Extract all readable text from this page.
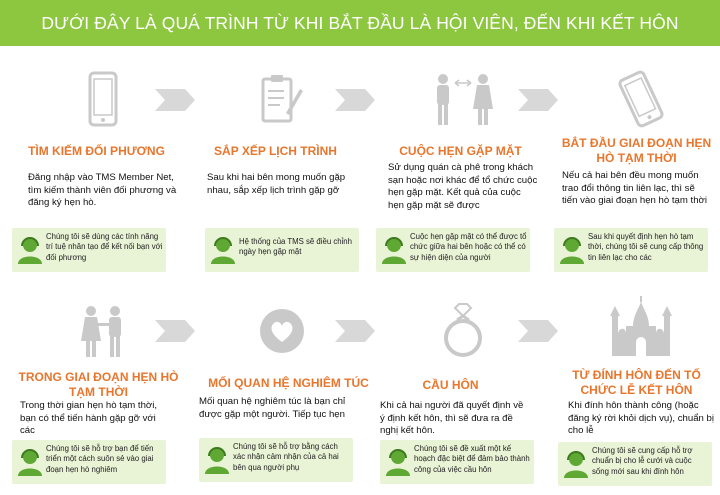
DƯỚI ĐÂY LÀ QUÁ TRÌNH TỪ KHI BẮT ĐẦU LÀ HỘI VIÊN, ĐẾN KHI KẾT HÔN
TÌM KIẾM ĐỐI PHƯƠNG
Đăng nhập vào TMS Member Net, tìm kiếm thành viên đối phương và đăng ký hẹn hò.
Chúng tôi sẽ dùng các tính năng trí tuệ nhân tạo để kết nối bạn với đối phương
SẮP XẾP LỊCH TRÌNH
Sau khi hai bên mong muốn gặp nhau, sắp xếp lịch trình gặp gỡ
Hệ thống của TMS sẽ điều chỉnh ngày hẹn gặp mặt
CUỘC HẸN GẶP MẶT
Sử dụng quán cà phê trong khách sạn hoặc nơi khác để tổ chức cuộc hẹn gặp mặt. Kết quả của cuộc hẹn gặp mặt sẽ được
Cuộc hẹn gặp mặt có thể được tổ chức giữa hai bên hoặc có thể có sự hiện diện của người
BẮT ĐẦU GIAI ĐOẠN HẸN HÒ TẠM THỜI
Nếu cả hai bên đều mong muốn trao đổi thông tin liên lạc, thì sẽ tiến vào giai đoạn hẹn hò tạm thời
Sau khi quyết định hẹn hò tạm thời, chúng tôi sẽ cung cấp thông tin liên lạc cho các
TRONG GIAI ĐOẠN HẸN HÒ TẠM THỜI
Trong thời gian hẹn hò tạm thời, bạn có thể tiến hành gặp gỡ với các
Chúng tôi sẽ hỗ trợ bạn để tiến triển một cách suôn sẻ vào giai đoạn hẹn hò nghiêm
MỐI QUAN HỆ NGHIÊM TÚC
Mối quan hệ nghiêm túc là bạn chỉ được gặp một người. Tiếp tục hẹn
Chúng tôi sẽ hỗ trợ bằng cách xác nhận cảm nhận của cả hai bên qua người phụ
CẦU HÔN
Khi cả hai người đã quyết định về ý định kết hôn, thì sẽ đưa ra đề nghị kết hôn.
Chúng tôi sẽ đề xuất một kế hoạch đặc biệt để đảm bảo thành công của việc cầu hôn
TỪ ĐÍNH HÔN ĐẾN TỔ CHỨC LỄ KẾT HÔN
Khi đính hôn thành công (hoặc đăng ký rời khỏi dịch vụ), chuẩn bị cho lễ
Chúng tôi sẽ cung cấp hỗ trợ chuẩn bị cho lễ cưới và cuộc sống mới sau khi đính hôn
